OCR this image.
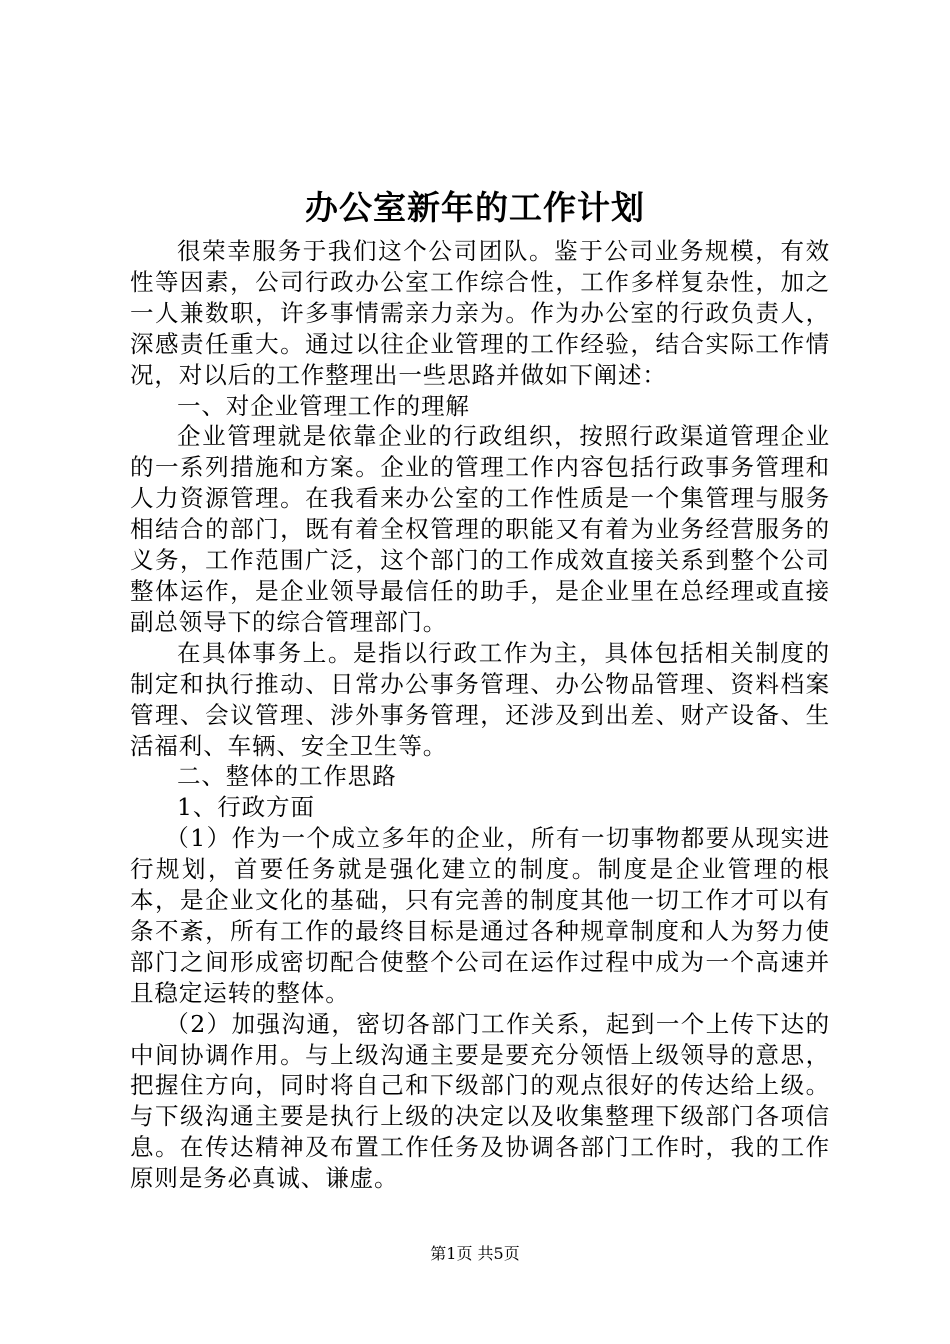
办公室新年的工作计划

很荣幸服务于我们这个公司团队。鉴于公司业务规模，有效性等因素，公司行政办公室工作综合性，工作多样复杂性，加之一人兼数职，许多事情需亲力亲为。作为办公室的行政负责人，深感责任重大。通过以往企业管理的工作经验，结合实际工作情况，对以后的工作整理出一些思路并做如下阐述：

一、对企业管理工作的理解

企业管理就是依靠企业的行政组织，按照行政渠道管理企业的一系列措施和方案。企业的管理工作内容包括行政事务管理和人力资源管理。在我看来办公室的工作性质是一个集管理与服务相结合的部门，既有着全权管理的职能又有着为业务经营服务的义务，工作范围广泛，这个部门的工作成效直接关系到整个公司整体运作，是企业领导最信任的助手，是企业里在总经理或直接副总领导下的综合管理部门。

在具体事务上。是指以行政工作为主，具体包括相关制度的制定和执行推动、日常办公事务管理、办公物品管理、资料档案管理、会议管理、涉外事务管理，还涉及到出差、财产设备、生活福利、车辆、安全卫生等。

二、整体的工作思路

1、行政方面

（1）作为一个成立多年的企业，所有一切事物都要从现实进行规划，首要任务就是强化建立的制度。制度是企业管理的根本，是企业文化的基础，只有完善的制度其他一切工作才可以有条不紊，所有工作的最终目标是通过各种规章制度和人为努力使部门之间形成密切配合使整个公司在运作过程中成为一个高速并且稳定运转的整体。

（2）加强沟通，密切各部门工作关系，起到一个上传下达的中间协调作用。与上级沟通主要是要充分领悟上级领导的意思，把握住方向，同时将自己和下级部门的观点很好的传达给上级。与下级沟通主要是执行上级的决定以及收集整理下级部门各项信息。在传达精神及布置工作任务及协调各部门工作时，我的工作原则是务必真诚、谦虚。

第1页 共5页
